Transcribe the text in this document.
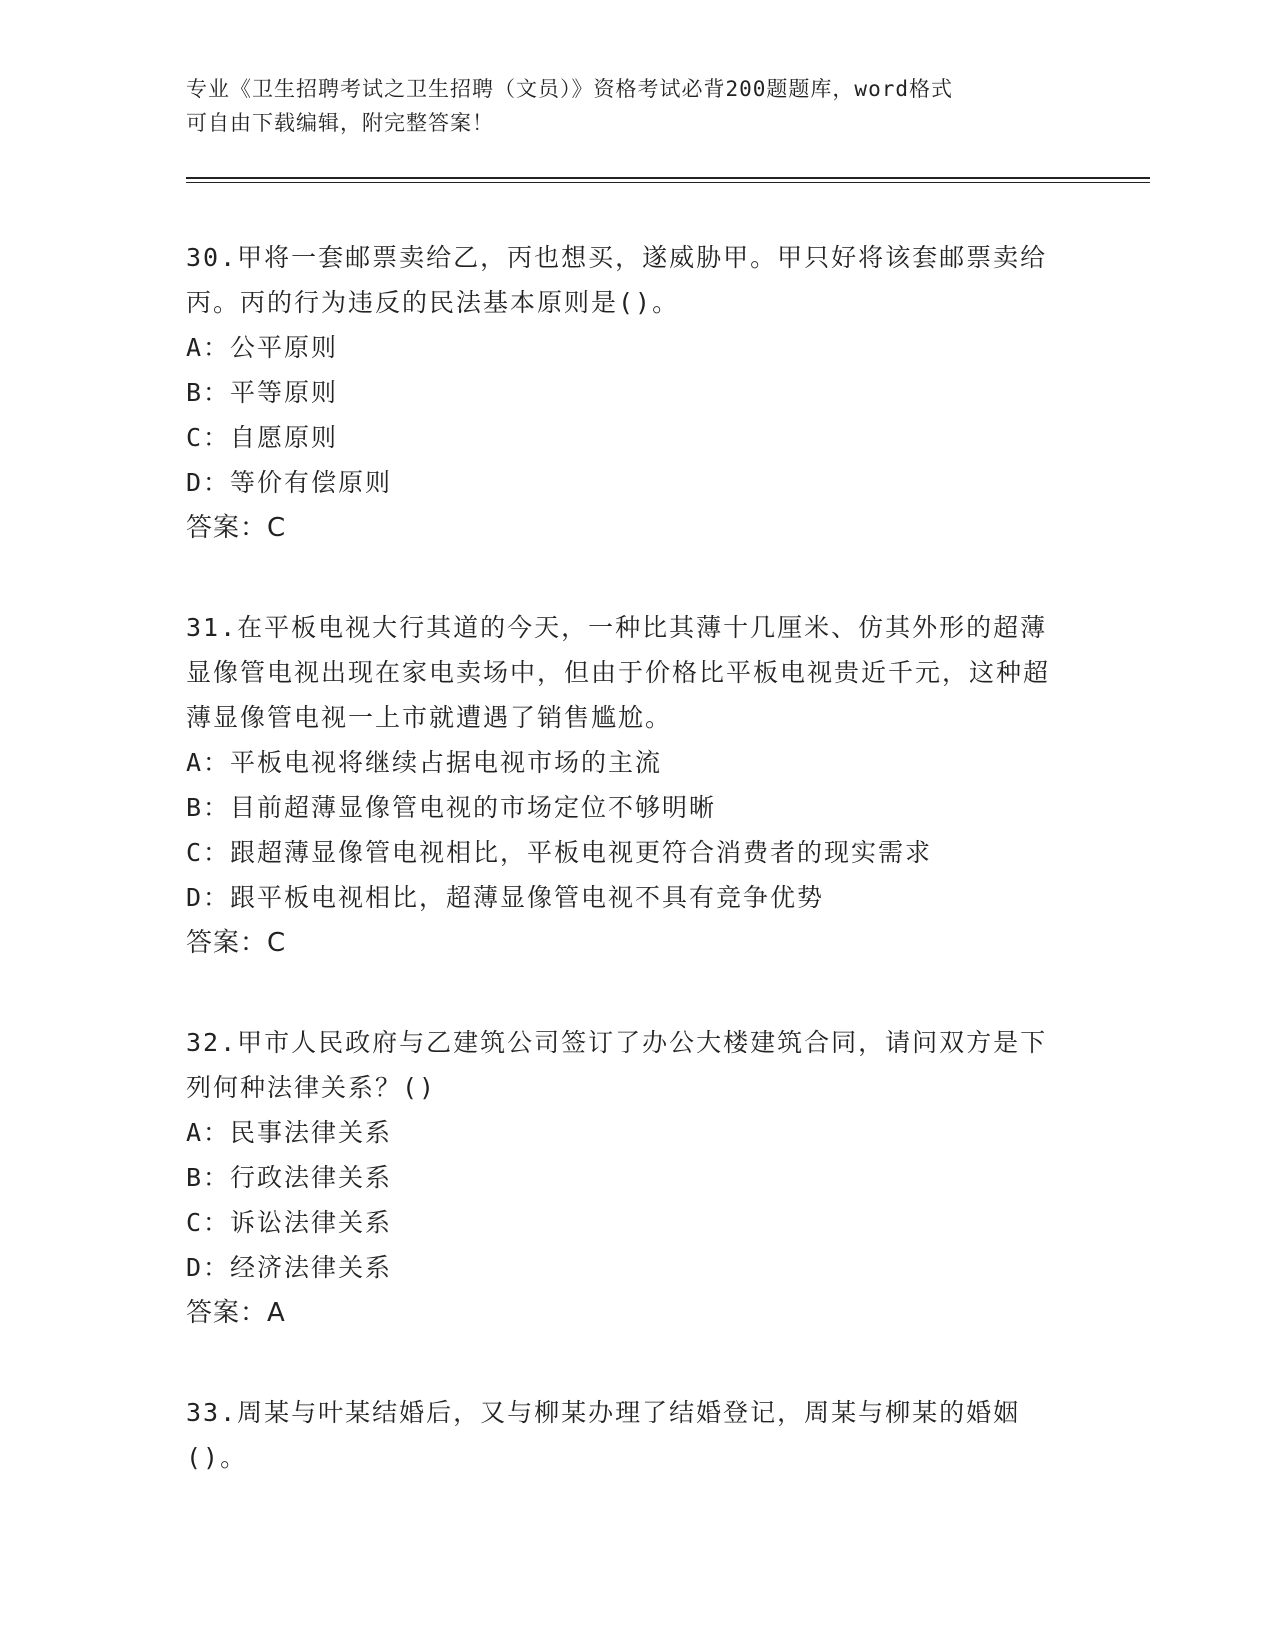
专业《卫生招聘考试之卫生招聘（文员）》资格考试必背200题题库，word格式
可自由下载编辑，附完整答案！

30.甲将一套邮票卖给乙，丙也想买，遂威胁甲。甲只好将该套邮票卖给丙。丙的行为违反的民法基本原则是()。

A：公平原则

B：平等原则

C：自愿原则

D：等价有偿原则

答案：C

31.在平板电视大行其道的今天，一种比其薄十几厘米、仿其外形的超薄显像管电视出现在家电卖场中，但由于价格比平板电视贵近千元，这种超薄显像管电视一上市就遭遇了销售尴尬。

A：平板电视将继续占据电视市场的主流

B：目前超薄显像管电视的市场定位不够明晰

C：跟超薄显像管电视相比，平板电视更符合消费者的现实需求

D：跟平板电视相比，超薄显像管电视不具有竞争优势

答案：C

32.甲市人民政府与乙建筑公司签订了办公大楼建筑合同，请问双方是下列何种法律关系？()

A：民事法律关系

B：行政法律关系

C：诉讼法律关系

D：经济法律关系

答案：A

33.周某与叶某结婚后，又与柳某办理了结婚登记，周某与柳某的婚姻()。
